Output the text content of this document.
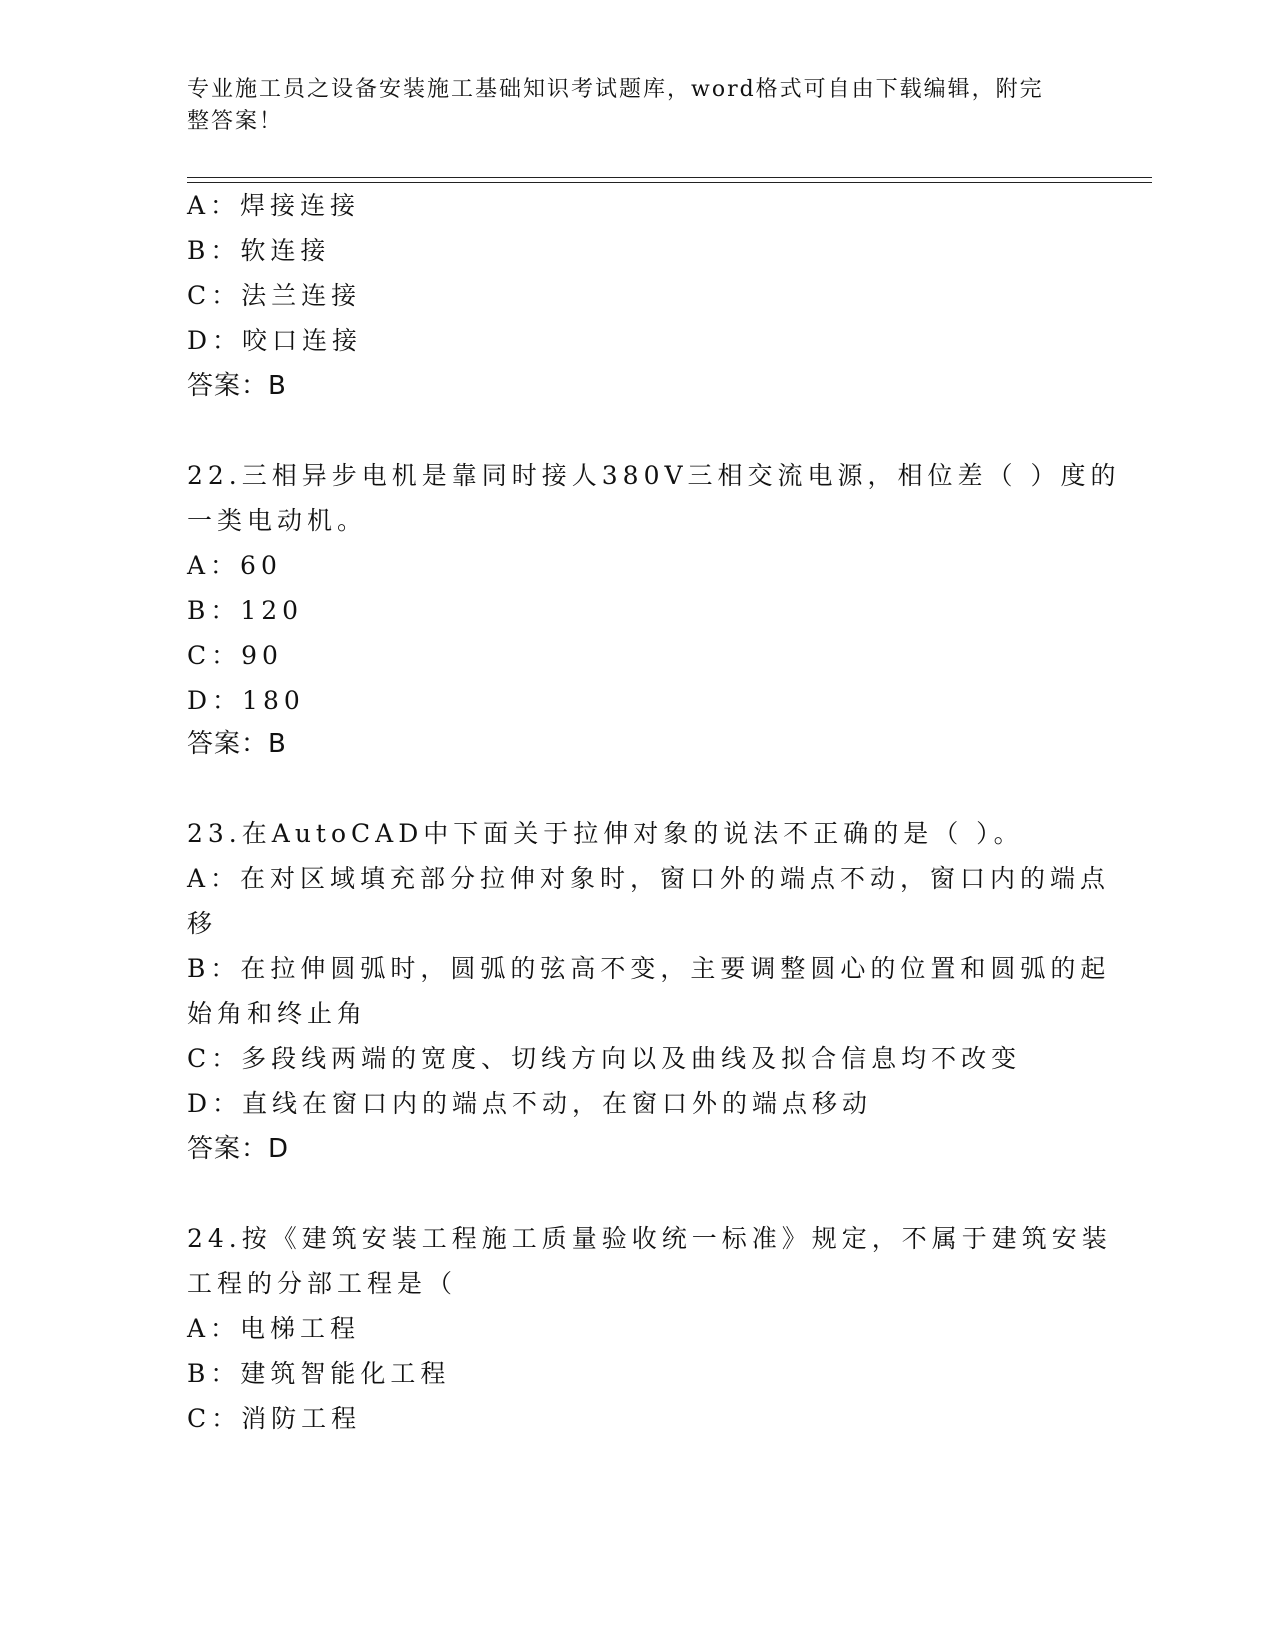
专业施工员之设备安装施工基础知识考试题库，word格式可自由下载编辑，附完
整答案！

A：焊接连接

B：软连接

C：法兰连接

D：咬口连接

答案：B

22.三相异步电机是靠同时接人380V三相交流电源，相位差（ ）度的

一类电动机。

A：60

B：120

C：90

D：180

答案：B

23.在AutoCAD中下面关于拉伸对象的说法不正确的是（ ）。

A：在对区域填充部分拉伸对象时，窗口外的端点不动，窗口内的端点

移

B：在拉伸圆弧时，圆弧的弦高不变，主要调整圆心的位置和圆弧的起

始角和终止角

C：多段线两端的宽度、切线方向以及曲线及拟合信息均不改变

D：直线在窗口内的端点不动，在窗口外的端点移动

答案：D

24.按《建筑安装工程施工质量验收统一标准》规定，不属于建筑安装

工程的分部工程是（

A：电梯工程

B：建筑智能化工程

C：消防工程
